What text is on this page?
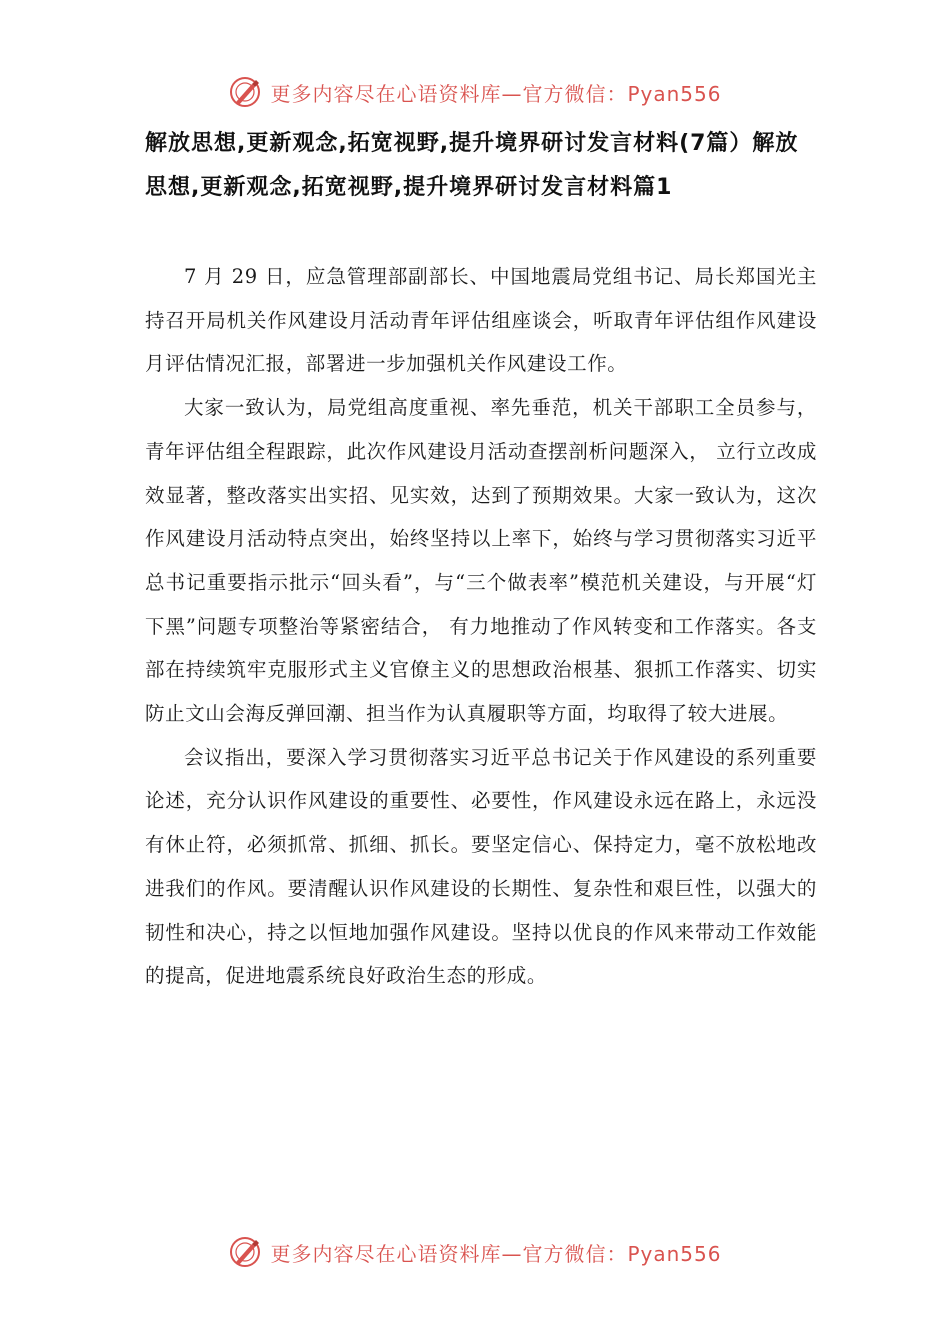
更多内容尽在心语资料库—官方微信：Pyan556
解放思想,更新观念,拓宽视野,提升境界研讨发言材料(7篇）解放思想,更新观念,拓宽视野,提升境界研讨发言材料篇1

7 月 29 日，应急管理部副部长、中国地震局党组书记、局长郑国光主持召开局机关作风建设月活动青年评估组座谈会，听取青年评估组作风建设月评估情况汇报，部署进一步加强机关作风建设工作。

大家一致认为，局党组高度重视、率先垂范，机关干部职工全员参与，青年评估组全程跟踪，此次作风建设月活动查摆剖析问题深入， 立行立改成效显著，整改落实出实招、见实效，达到了预期效果。大家一致认为，这次作风建设月活动特点突出，始终坚持以上率下，始终与学习贯彻落实习近平总书记重要指示批示“回头看”，与“三个做表率”模范机关建设，与开展“灯下黑”问题专项整治等紧密结合， 有力地推动了作风转变和工作落实。各支部在持续筑牢克服形式主义官僚主义的思想政治根基、狠抓工作落实、切实防止文山会海反弹回潮、担当作为认真履职等方面，均取得了较大进展。

会议指出，要深入学习贯彻落实习近平总书记关于作风建设的系列重要论述，充分认识作风建设的重要性、必要性，作风建设永远在路上，永远没有休止符，必须抓常、抓细、抓长。要坚定信心、保持定力，毫不放松地改进我们的作风。要清醒认识作风建设的长期性、复杂性和艰巨性，以强大的韧性和决心，持之以恒地加强作风建设。坚持以优良的作风来带动工作效能的提高，促进地震系统良好政治生态的形成。

更多内容尽在心语资料库—官方微信：Pyan556
